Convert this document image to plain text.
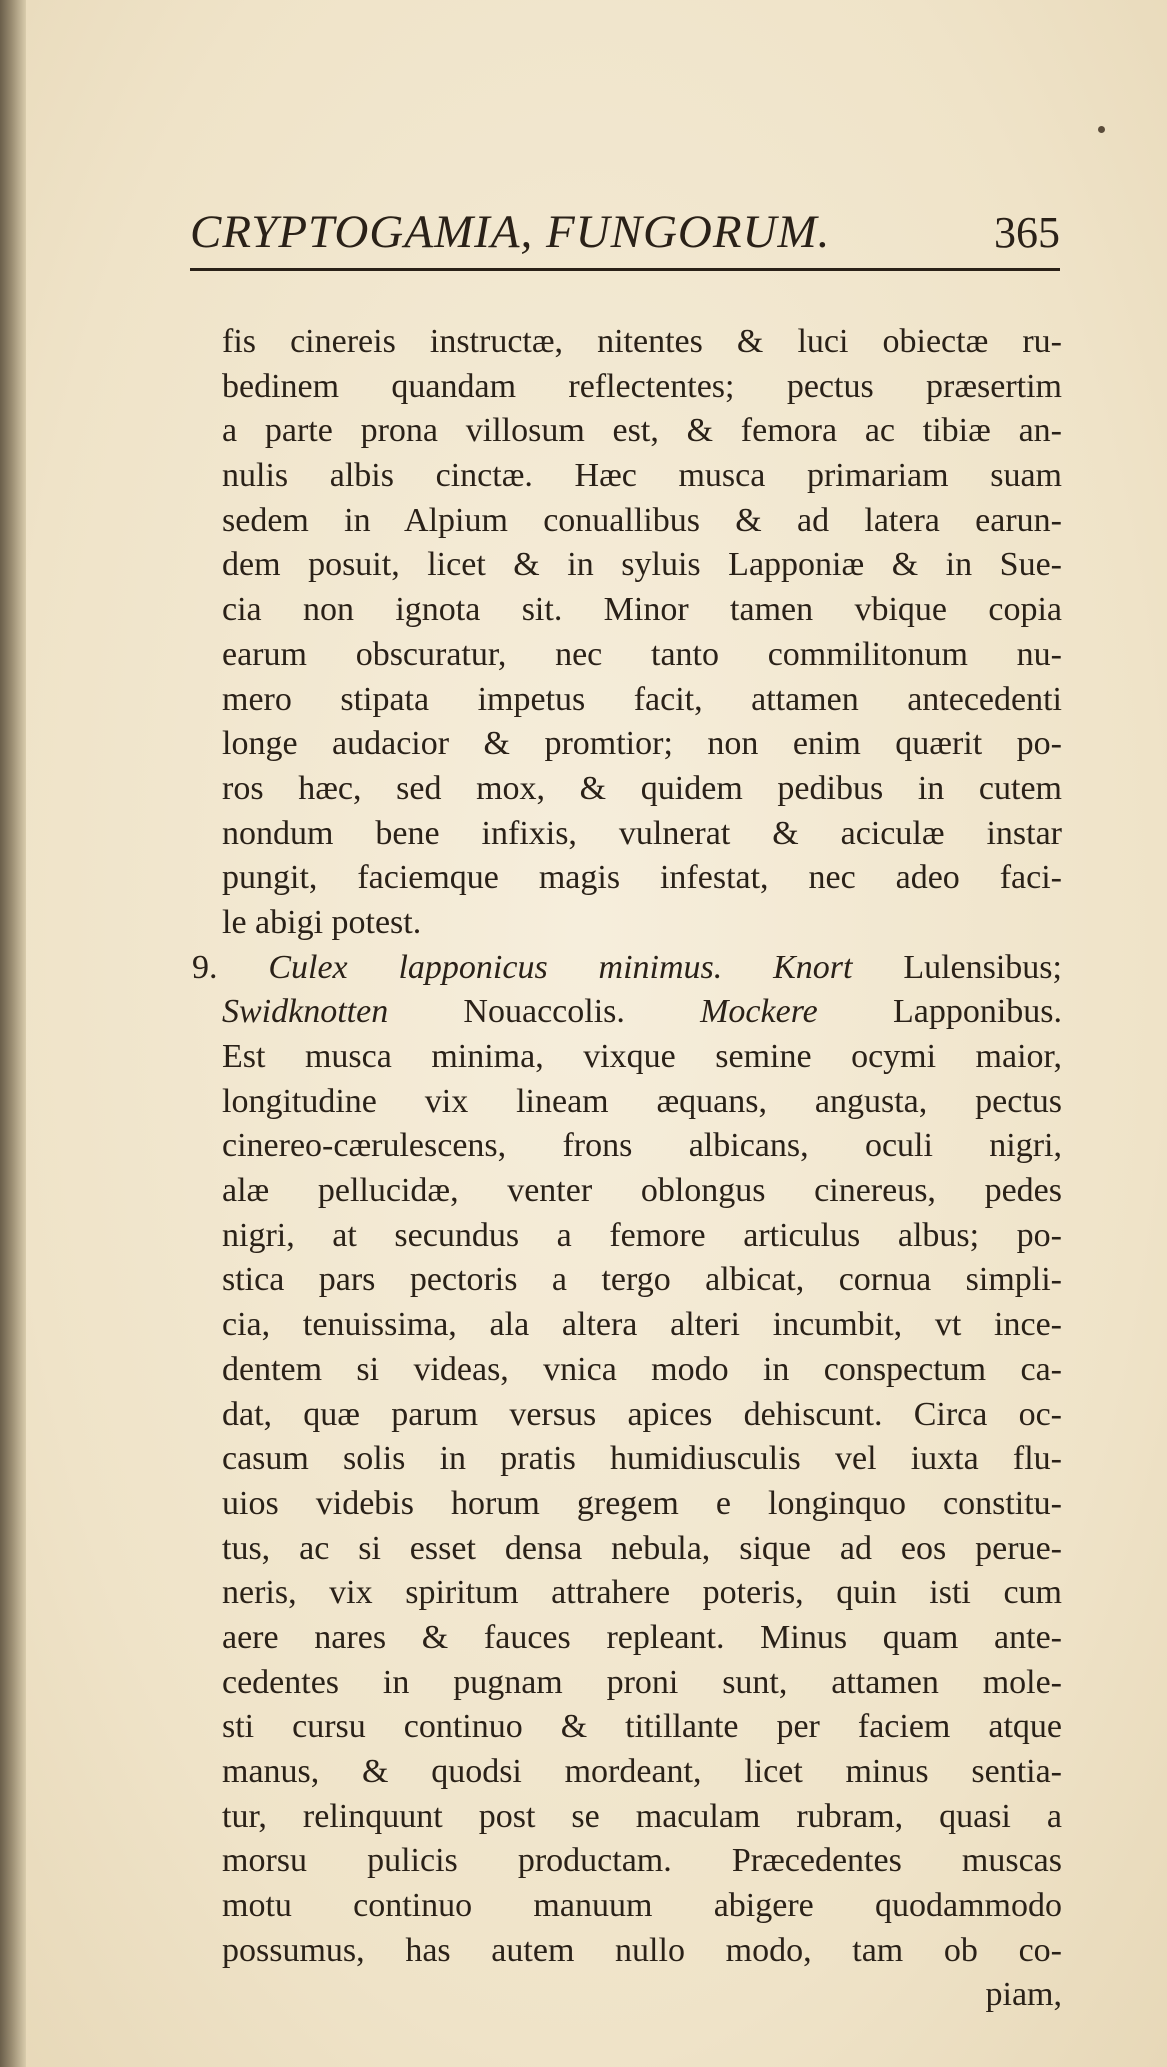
CRYPTOGAMIA, FUNGORUM.	365
fis cinereis instructæ, nitentes & luci obiectæ ru-
bedinem quandam reflectentes; pectus præsertim
a parte prona villosum est, & femora ac tibiæ an-
nulis albis cinctæ. Hæc musca primariam suam
sedem in Alpium conuallibus & ad latera earun-
dem posuit, licet & in syluis Lapponiæ & in Sue-
cia non ignota sit. Minor tamen vbique copia
earum obscuratur, nec tanto commilitonum nu-
mero stipata impetus facit, attamen antecedenti
longe audacior & promtior; non enim quærit po-
ros hæc, sed mox, & quidem pedibus in cutem
nondum bene infixis, vulnerat & aciculæ instar
pungit, faciemque magis infestat, nec adeo faci-
le abigi potest.
9. Culex lapponicus minimus. Knort Lulensibus;
Swidknotten Nouaccolis. Mockere Lapponibus.
Est musca minima, vixque semine ocymi maior,
longitudine vix lineam æquans, angusta, pectus
cinereo-cærulescens, frons albicans, oculi nigri,
alæ pellucidæ, venter oblongus cinereus, pedes
nigri, at secundus a femore articulus albus; po-
stica pars pectoris a tergo albicat, cornua simpli-
cia, tenuissima, ala altera alteri incumbit, vt ince-
dentem si videas, vnica modo in conspectum ca-
dat, quæ parum versus apices dehiscunt. Circa oc-
casum solis in pratis humidiusculis vel iuxta flu-
uios videbis horum gregem e longinquo constitu-
tus, ac si esset densa nebula, sique ad eos perue-
neris, vix spiritum attrahere poteris, quin isti cum
aere nares & fauces repleant. Minus quam ante-
cedentes in pugnam proni sunt, attamen mole-
sti cursu continuo & titillante per faciem atque
manus, & quodsi mordeant, licet minus sentia-
tur, relinquunt post se maculam rubram, quasi a
morsu pulicis productam. Præcedentes muscas
motu continuo manuum abigere quodammodo
possumus, has autem nullo modo, tam ob co-
piam,
